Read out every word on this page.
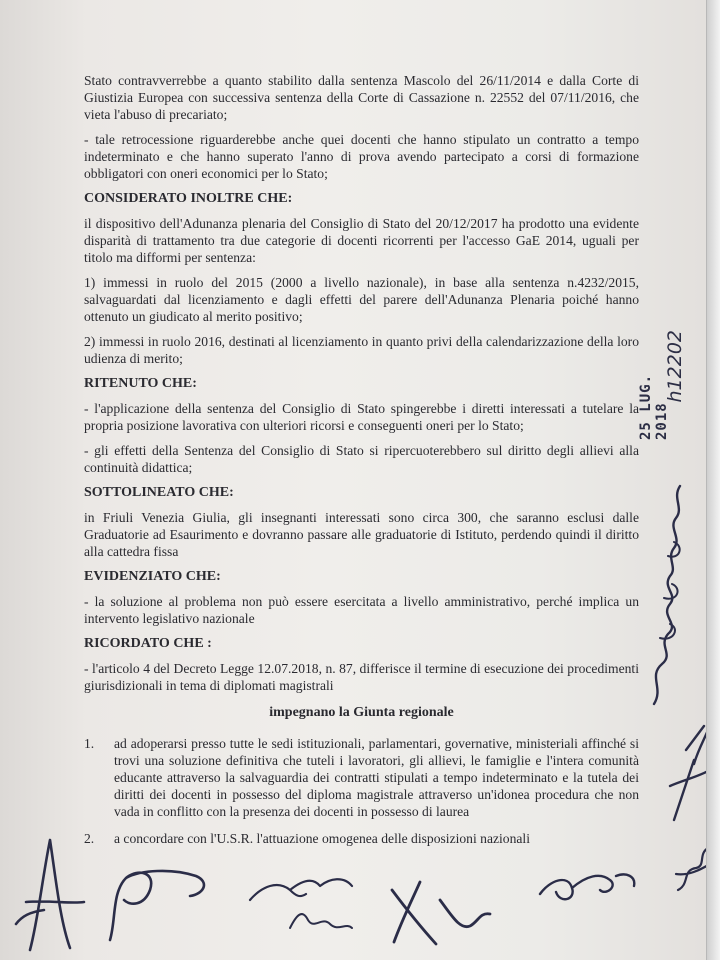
Stato contravverrebbe a quanto stabilito dalla sentenza Mascolo del 26/11/2014 e dalla Corte di Giustizia Europea con successiva sentenza della Corte di Cassazione n. 22552 del 07/11/2016, che vieta l'abuso di precariato;

- tale retrocessione riguarderebbe anche quei docenti che hanno stipulato un contratto a tempo indeterminato e che hanno superato l'anno di prova avendo partecipato a corsi di formazione obbligatori con oneri economici per lo Stato;

CONSIDERATO INOLTRE CHE:

il dispositivo dell'Adunanza plenaria del Consiglio di Stato del 20/12/2017 ha prodotto una evidente disparità di trattamento tra due categorie di docenti ricorrenti per l'accesso GaE 2014, uguali per titolo ma difformi per sentenza:

1) immessi in ruolo del 2015 (2000 a livello nazionale), in base alla sentenza n.4232/2015, salvaguardati dal licenziamento e dagli effetti del parere dell'Adunanza Plenaria poiché hanno ottenuto un giudicato al merito positivo;

2) immessi in ruolo 2016, destinati al licenziamento in quanto privi della calendarizzazione della loro udienza di merito;

RITENUTO CHE:

- l'applicazione della sentenza del Consiglio di Stato spingerebbe i diretti interessati a tutelare la propria posizione lavorativa con ulteriori ricorsi e conseguenti oneri per lo Stato;

- gli effetti della Sentenza del Consiglio di Stato si ripercuoterebbero sul diritto degli allievi alla continuità didattica;

SOTTOLINEATO CHE:

in Friuli Venezia Giulia, gli insegnanti interessati sono circa 300, che saranno esclusi dalle Graduatorie ad Esaurimento e dovranno passare alle graduatorie di Istituto, perdendo quindi il diritto alla cattedra fissa

EVIDENZIATO CHE:

- la soluzione al problema non può essere esercitata a livello amministrativo, perché implica un intervento legislativo nazionale

RICORDATO CHE :

- l'articolo 4 del Decreto Legge 12.07.2018, n. 87, differisce il termine di esecuzione dei procedimenti giurisdizionali in tema di diplomati magistrali

impegnano la Giunta regionale

1.	ad adoperarsi presso tutte le sedi istituzionali, parlamentari, governative, ministeriali affinché si trovi una soluzione definitiva che tuteli i lavoratori, gli allievi, le famiglie e l'intera comunità educante attraverso la salvaguardia dei contratti stipulati a tempo indeterminato e la tutela dei diritti dei docenti in possesso del diploma magistrale attraverso un'idonea procedura che non vada in conflitto con la presenza dei docenti in possesso di laurea
2.	a concordare con l'U.S.R. l'attuazione omogenea delle disposizioni nazionali
25 LUG. 2018
h12202
